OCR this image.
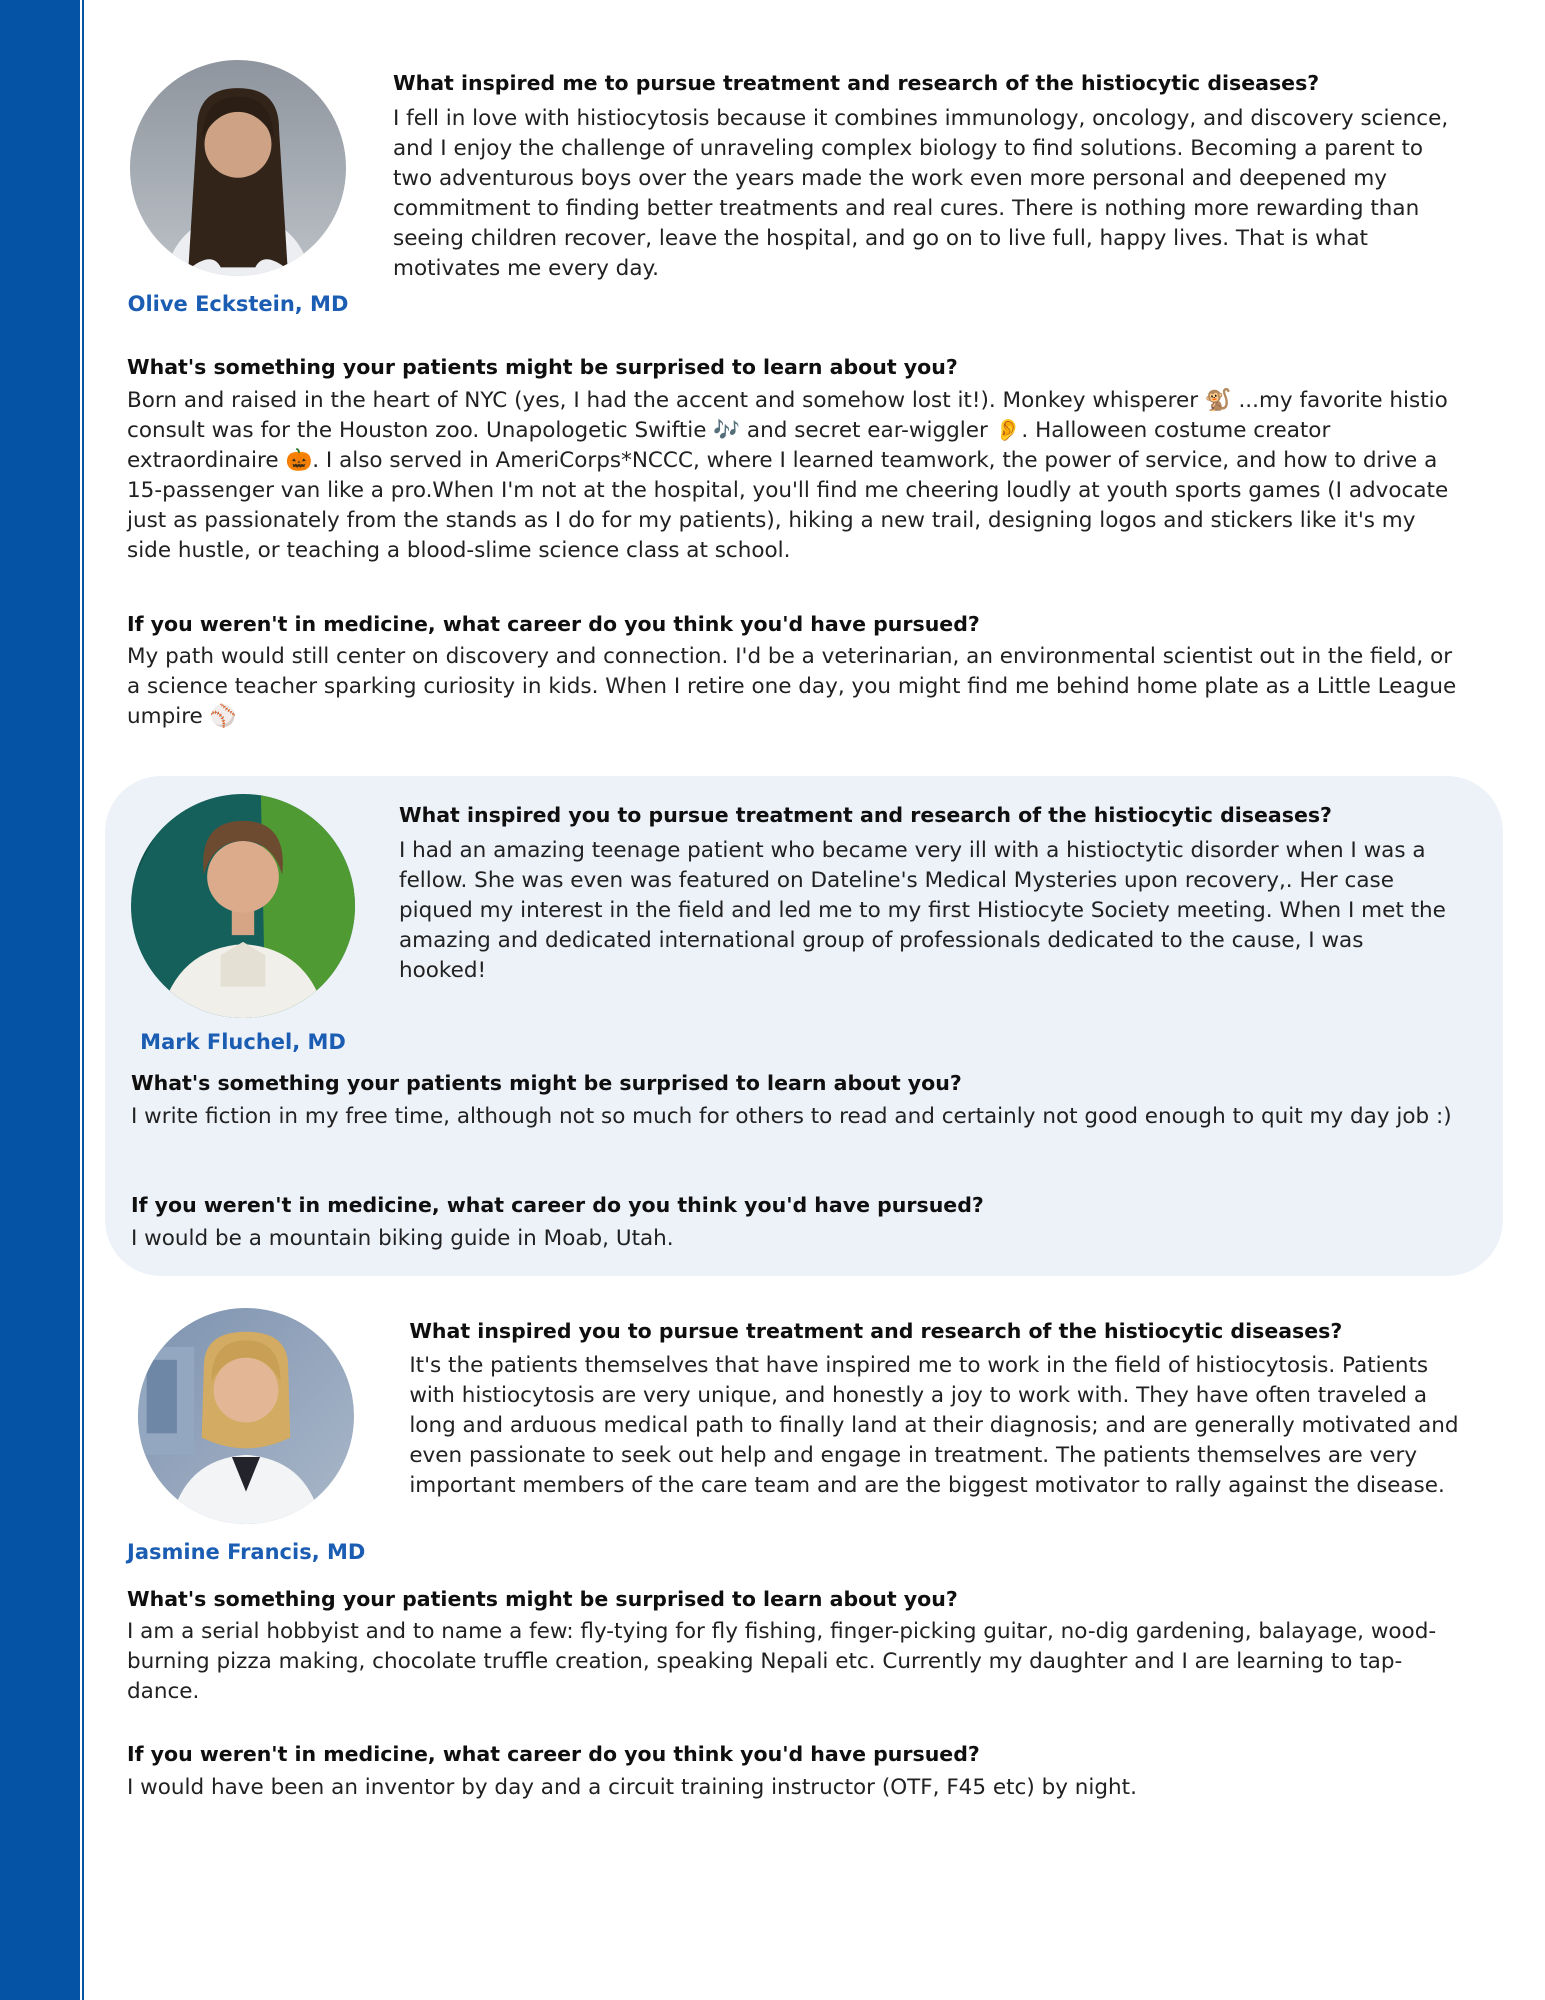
Olive Eckstein, MD
What inspired me to pursue treatment and research of the histiocytic diseases?

I fell in love with histiocytosis because it combines immunology, oncology, and discovery science, and I enjoy the challenge of unraveling complex biology to find solutions. Becoming a parent to two adventurous boys over the years made the work even more personal and deepened my commitment to finding better treatments and real cures. There is nothing more rewarding than seeing children recover, leave the hospital, and go on to live full, happy lives. That is what motivates me every day.

What's something your patients might be surprised to learn about you?

Born and raised in the heart of NYC (yes, I had the accent and somehow lost it!). Monkey whisperer 🐒 ...my favorite histio consult was for the Houston zoo. Unapologetic Swiftie 🎶 and secret ear-wiggler 👂. Halloween costume creator extraordinaire 🎃. I also served in AmeriCorps*NCCC, where I learned teamwork, the power of service, and how to drive a 15-passenger van like a pro.When I'm not at the hospital, you'll find me cheering loudly at youth sports games (I advocate just as passionately from the stands as I do for my patients), hiking a new trail, designing logos and stickers like it's my side hustle, or teaching a blood-slime science class at school.

If you weren't in medicine, what career do you think you'd have pursued?

My path would still center on discovery and connection. I'd be a veterinarian, an environmental scientist out in the field, or a science teacher sparking curiosity in kids. When I retire one day, you might find me behind home plate as a Little League umpire ⚾

Mark Fluchel, MD
What inspired you to pursue treatment and research of the histiocytic diseases?

I had an amazing teenage patient who became very ill with a histioctytic disorder when I was a fellow. She was even was featured on Dateline's Medical Mysteries upon recovery,. Her case piqued my interest in the field and led me to my first Histiocyte Society meeting. When I met the amazing and dedicated international group of professionals dedicated to the cause, I was hooked!

What's something your patients might be surprised to learn about you?

I write fiction in my free time, although not so much for others to read and certainly not good enough to quit my day job :)

If you weren't in medicine, what career do you think you'd have pursued?

I would be a mountain biking guide in Moab, Utah.

Jasmine Francis, MD
What inspired you to pursue treatment and research of the histiocytic diseases?

It's the patients themselves that have inspired me to work in the field of histiocytosis. Patients with histiocytosis are very unique, and honestly a joy to work with. They have often traveled a long and arduous medical path to finally land at their diagnosis; and are generally motivated and even passionate to seek out help and engage in treatment. The patients themselves are very important members of the care team and are the biggest motivator to rally against the disease.

What's something your patients might be surprised to learn about you?

I am a serial hobbyist and to name a few: fly-tying for fly fishing, finger-picking guitar, no-dig gardening, balayage, wood-burning pizza making, chocolate truffle creation, speaking Nepali etc. Currently my daughter and I are learning to tap-dance.

If you weren't in medicine, what career do you think you'd have pursued?

I would have been an inventor by day and a circuit training instructor (OTF, F45 etc) by night.
